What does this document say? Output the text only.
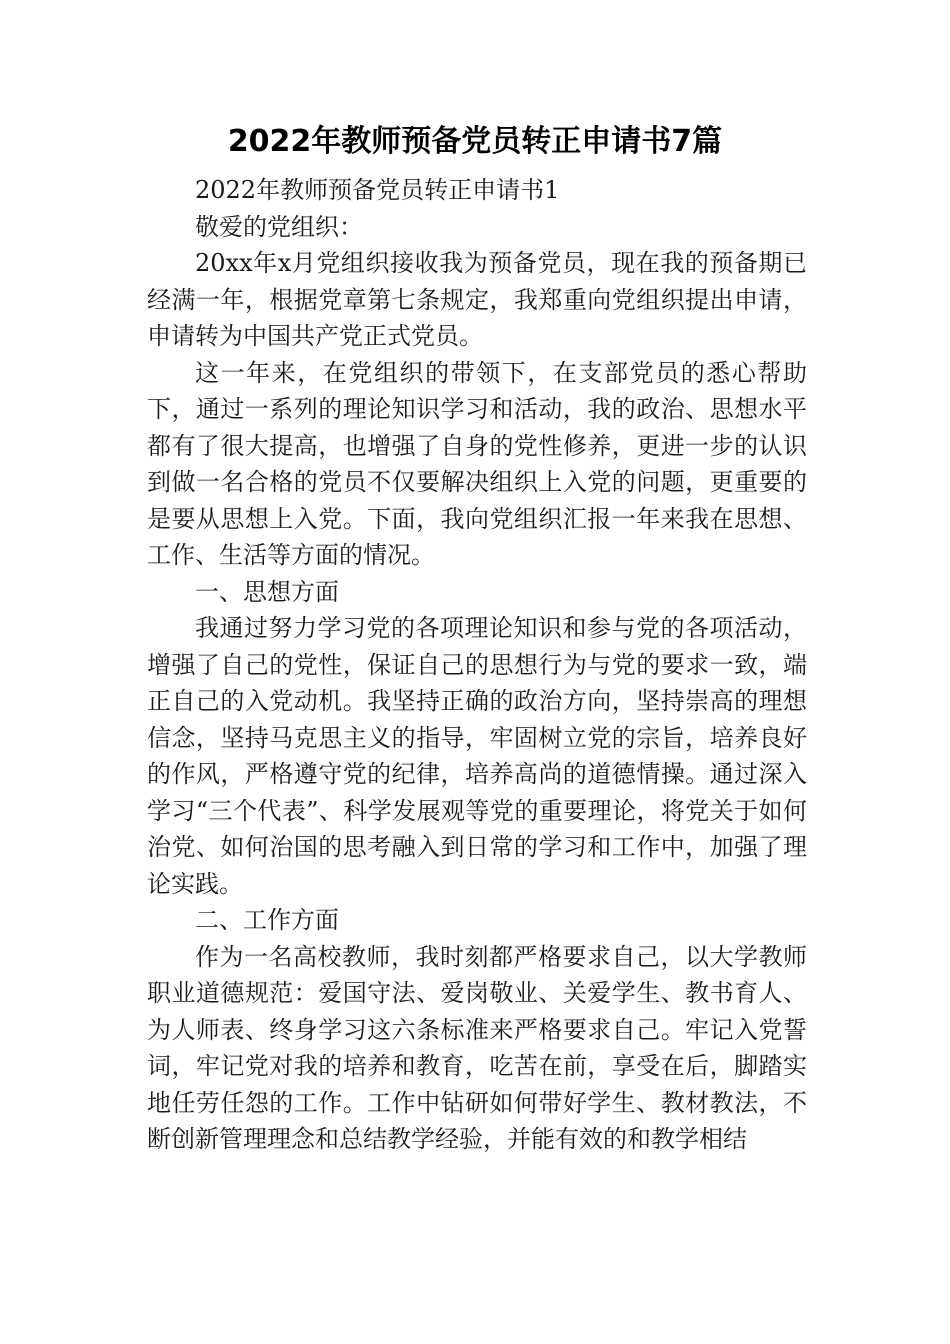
2022年教师预备党员转正申请书7篇

2022年教师预备党员转正申请书1

敬爱的党组织：

20xx年x月党组织接收我为预备党员，现在我的预备期已经满一年，根据党章第七条规定，我郑重向党组织提出申请，申请转为中国共产党正式党员。

这一年来，在党组织的带领下，在支部党员的悉心帮助下，通过一系列的理论知识学习和活动，我的政治、思想水平都有了很大提高，也增强了自身的党性修养，更进一步的认识到做一名合格的党员不仅要解决组织上入党的问题，更重要的是要从思想上入党。下面，我向党组织汇报一年来我在思想、工作、生活等方面的情况。

一、思想方面

我通过努力学习党的各项理论知识和参与党的各项活动，增强了自己的党性，保证自己的思想行为与党的要求一致，端正自己的入党动机。我坚持正确的政治方向，坚持崇高的理想信念，坚持马克思主义的指导，牢固树立党的宗旨，培养良好的作风，严格遵守党的纪律，培养高尚的道德情操。通过深入学习“三个代表”、科学发展观等党的重要理论，将党关于如何治党、如何治国的思考融入到日常的学习和工作中，加强了理论实践。

二、工作方面

作为一名高校教师，我时刻都严格要求自己，以大学教师职业道德规范：爱国守法、爱岗敬业、关爱学生、教书育人、为人师表、终身学习这六条标准来严格要求自己。牢记入党誓词，牢记党对我的培养和教育，吃苦在前，享受在后，脚踏实地任劳任怨的工作。工作中钻研如何带好学生、教材教法，不断创新管理理念和总结教学经验，并能有效的和教学相结
